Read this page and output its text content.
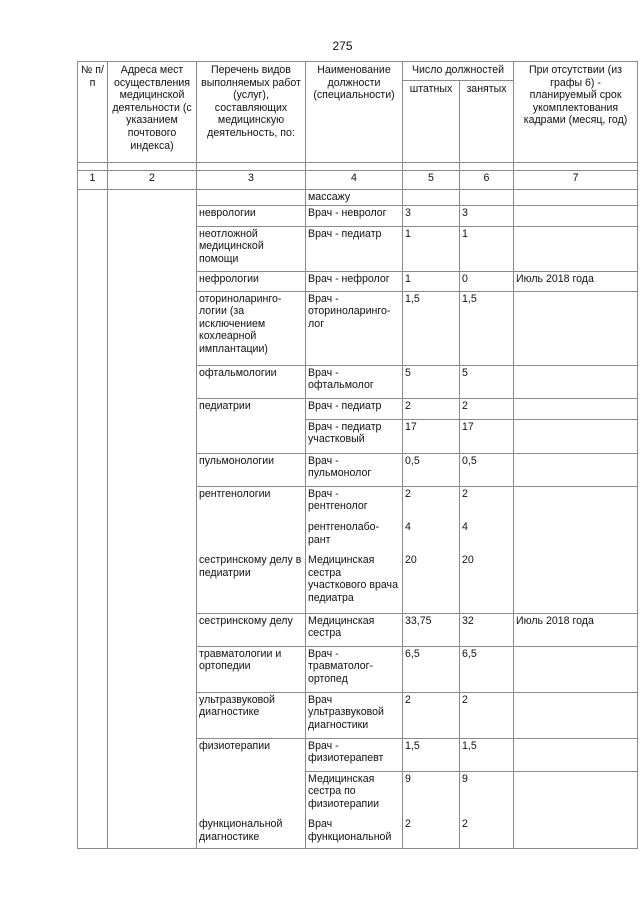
275
№ п/п	Адреса мест осуществления медицинской деятельности (с указанием почтового индекса)	Перечень видов выполняемых работ (услуг), составляющих медицинскую деятельность, по:	Наименование должности (специальности)	Число должностей		При отсутствии (из графы 6) - планируемый срок укомплектования кадрами (месяц, год)
				штатных	занятых	

1	2	3	4	5	6	7
			массажу			
		неврологии	Врач - невролог	3	3	
		неотложной медицинской помощи	Врач - педиатр	1	1	
		нефрологии	Врач - нефролог	1	0	Июль 2018 года
		оториноларинго-логии (за исключением кохлеарной имплантации)	Врач - оториноларинго-лог	1,5	1,5	
		офтальмологии	Врач - офтальмолог	5	5	
		педиатрии	Врач - педиатр	2	2	
			Врач - педиатр участковый	17	17	
		пульмонологии	Врач - пульмонолог	0,5	0,5	
		рентгенологии	Врач - рентгенолог	2	2	
			рентгенолабо-рант	4	4	
		сестринскому делу в педиатрии	Медицинская сестра участкового врача педиатра	20	20	
		сестринскому делу	Медицинская сестра	33,75	32	Июль 2018 года
		травматологии и ортопедии	Врач - травматолог-ортопед	6,5	6,5	
		ультразвуковой диагностике	Врач ультразвуковой диагностики	2	2	
		физиотерапии	Врач - физиотерапевт	1,5	1,5	
			Медицинская сестра по физиотерапии	9	9	
		функциональной диагностике	Врач функциональной	2	2	
